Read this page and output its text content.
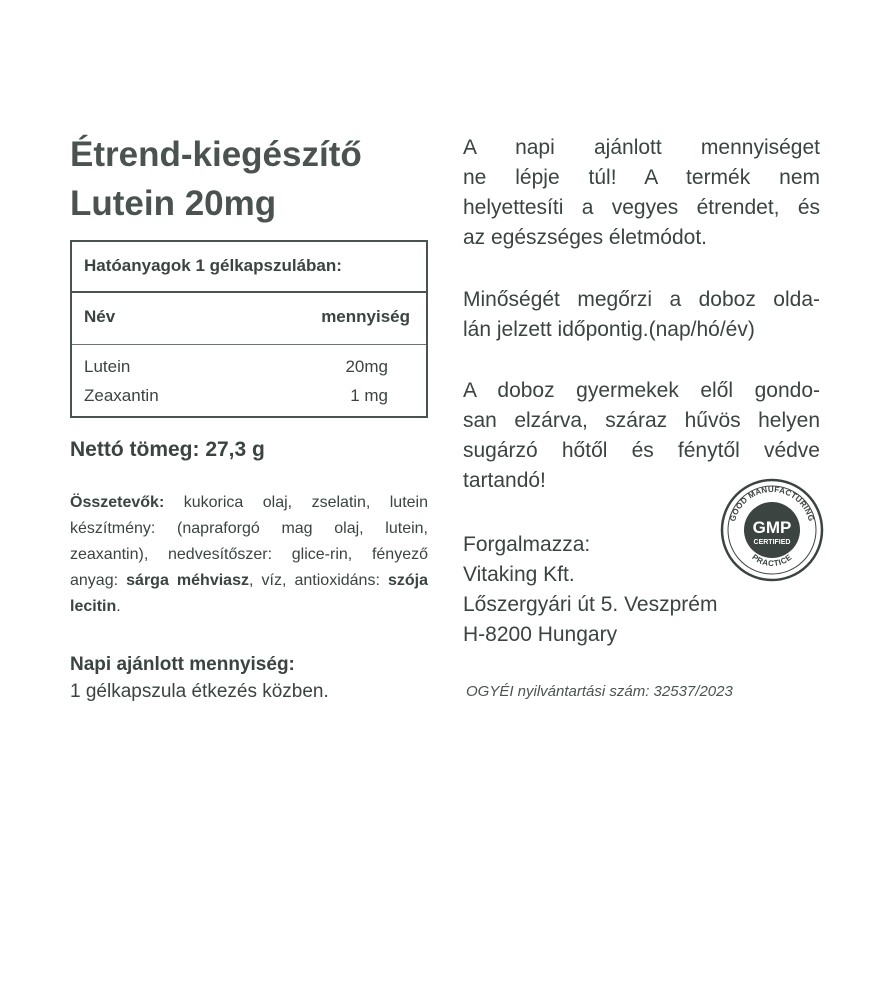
Étrend-kiegészítő
Lutein 20mg
Hatóanyagok 1 gélkapszulában:
Név	mennyiség
Lutein	20mg
Zeaxantin	1 mg
Nettó tömeg: 27,3 g
Összetevők: kukorica olaj, zselatin, lutein készítmény: (napraforgó mag olaj, lutein, zeaxantin), nedvesítőszer: glice-rin, fényező anyag: sárga méhviasz, víz, antioxidáns: szója lecitin.
Napi ajánlott mennyiség:
1 gélkapszula étkezés közben.
A napi ajánlott mennyiséget
ne lépje túl! A termék nem
helyettesíti a vegyes étrendet, és
az egészséges életmódot.
Minőségét megőrzi a doboz olda-
lán jelzett időpontig.(nap/hó/év)
A doboz gyermekek elől gondo-
san elzárva, száraz hűvös helyen
sugárzó hőtől és fénytől védve
tartandó!
Forgalmazza:
Vitaking Kft.
Lőszergyári út 5. Veszprém
H-8200 Hungary
OGYÉI nyilvántartási szám: 32537/2023
GOOD MANUFACTURING
PRACTICE
GMP
CERTIFIED
